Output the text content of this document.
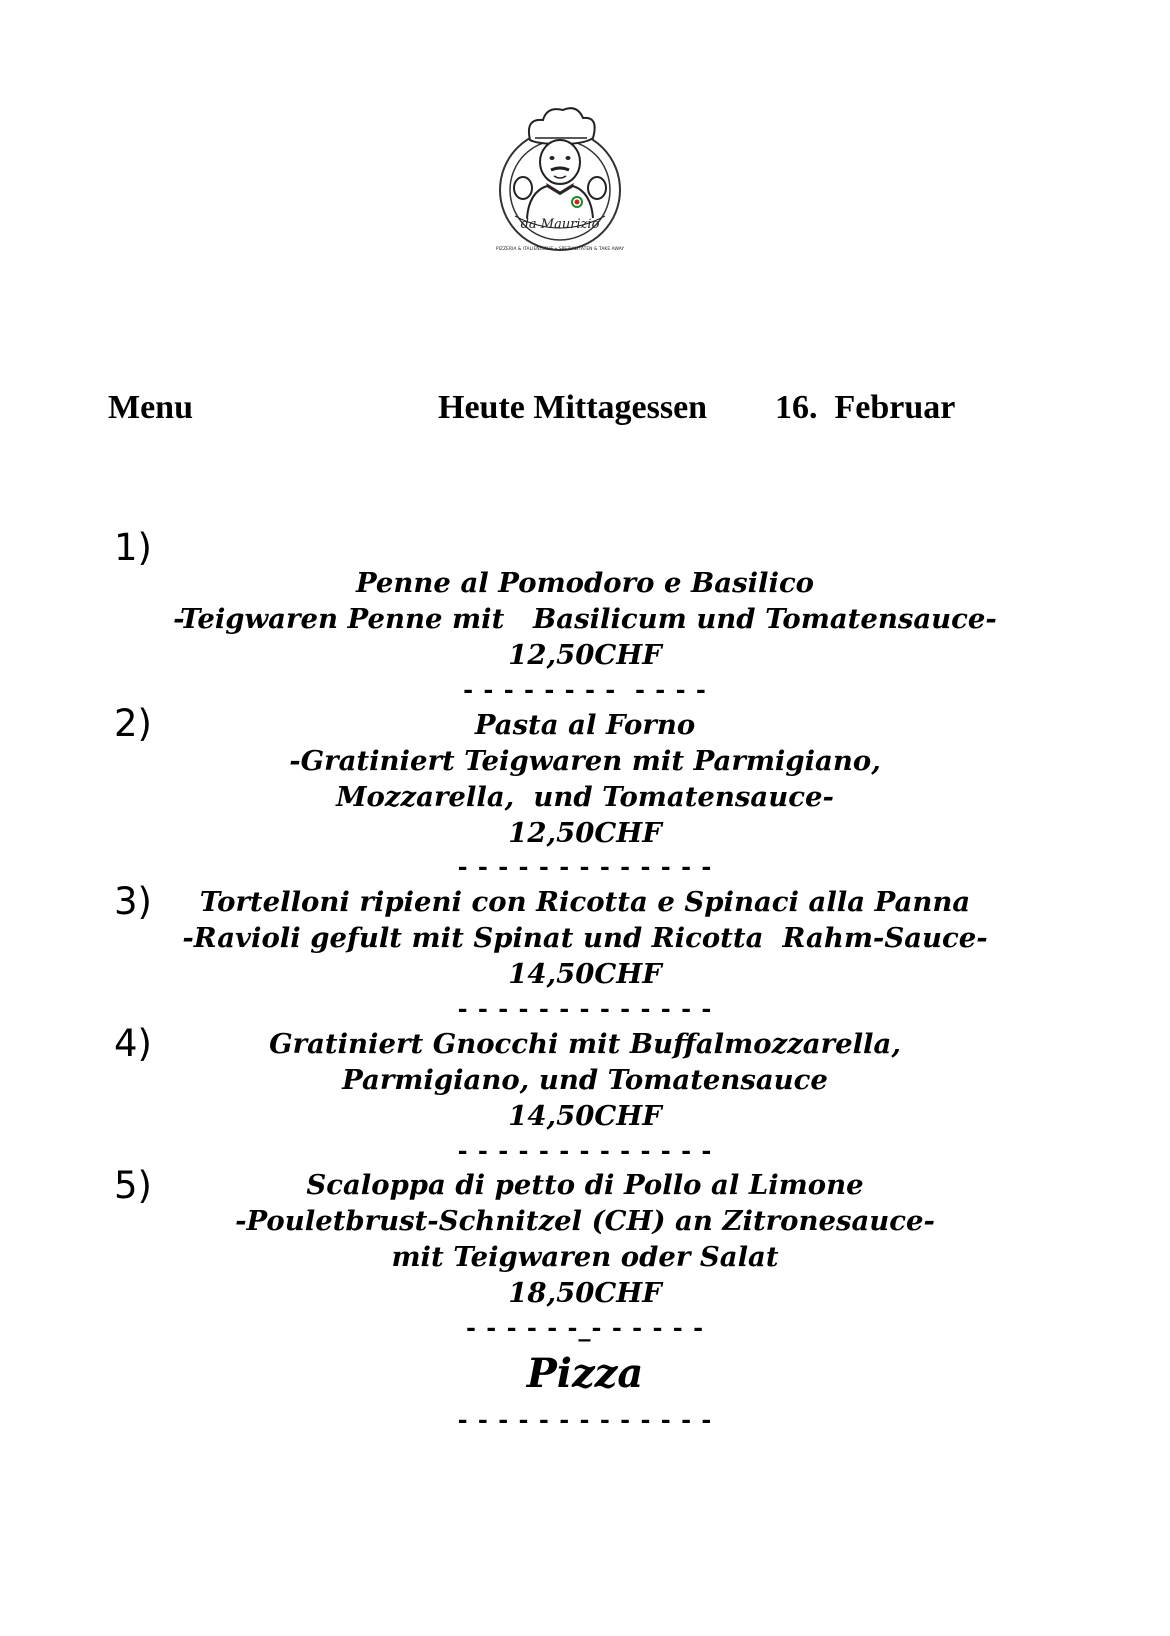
da Maurizio
PIZZERIA & ITALIENISCHE • SPEZIALITÄTEN & TAKE AWAY
Menu	Heute Mittagessen 16.  Februar
1)
Penne al Pomodoro e Basilico
-Teigwaren Penne mit   Basilicum und Tomatensauce-
12,50CHF
- - - - - - - -  - - - -
2)	Pasta al Forno
-Gratiniert Teigwaren mit Parmigiano,
Mozzarella,  und Tomatensauce-
12,50CHF
- - - - - - - - - - - - -
3)	Tortelloni ripieni con Ricotta e Spinaci alla Panna
-Ravioli gefult mit Spinat und Ricotta  Rahm-Sauce-
14,50CHF
- - - - - - - - - - - - -
4)	Gratiniert Gnocchi mit Buffalmozzarella,
Parmigiano, und Tomatensauce
14,50CHF
- - - - - - - - - - - - -
5)	Scaloppa di petto di Pollo al Limone
-Pouletbrust-Schnitzel (CH) an Zitronesauce-
mit Teigwaren oder Salat
18,50CHF
- - - - - -_- - - - - -
Pizza
- - - - - - - - - - - - -
